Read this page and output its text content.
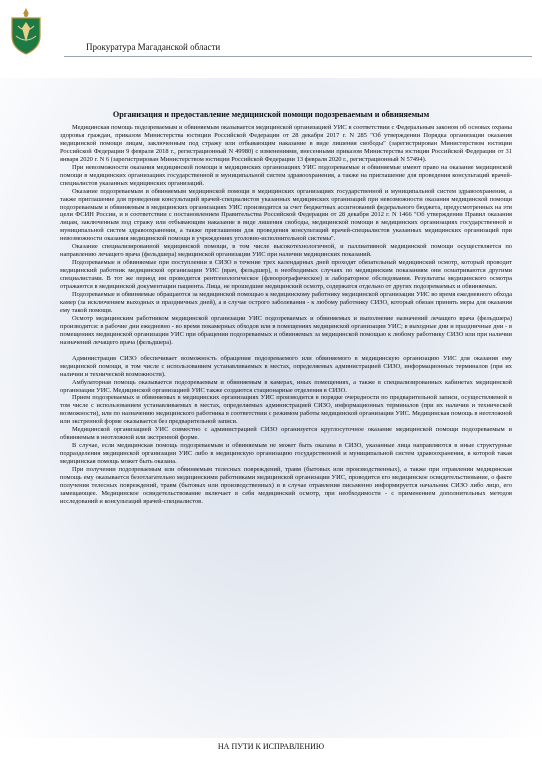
Прокуратура Магаданской области
Организация и предоставление медицинской помощи подозреваемым и обвиняемым

Медицинская помощь подозреваемым и обвиняемым оказывается медицинской организацией УИС в соответствии с Федеральным законом об основах охраны здоровья граждан, приказом Министерства юстиции Российской Федерации от 28 декабря 2017 г. N 285 "Об утверждении Порядка организации оказания медицинской помощи лицам, заключенным под стражу или отбывающим наказание в виде лишения свободы" (зарегистрирован Министерством юстиции Российской Федерации 9 февраля 2018 г., регистрационный N 49980) с изменениями, внесенными приказом Министерства юстиции Российской Федерации от 31 января 2020 г. N 6 (зарегистрирован Министерством юстиции Российской Федерации 13 февраля 2020 г., регистрационный N 57494).

При невозможности оказания медицинской помощи в медицинских организациях УИС подозреваемые и обвиняемые имеют право на оказание медицинской помощи в медицинских организациях государственной и муниципальной систем здравоохранения, а также на приглашение для проведения консультаций врачей-специалистов указанных медицинских организаций.

Оказание подозреваемым и обвиняемым медицинской помощи в медицинских организациях государственной и муниципальной систем здравоохранения, а также приглашение для проведения консультаций врачей-специалистов указанных медицинских организаций при невозможности оказания медицинской помощи подозреваемым и обвиняемым в медицинских организациях УИС производится за счет бюджетных ассигнований федерального бюджета, предусмотренных на эти цели ФСИН России, и в соответствии с постановлением Правительства Российской Федерации от 28 декабря 2012 г. N 1466 "Об утверждении Правил оказания лицам, заключенным под стражу или отбывающим наказание в виде лишения свободы, медицинской помощи в медицинских организациях государственной и муниципальной систем здравоохранения, а также приглашения для проведения консультаций врачей-специалистов указанных медицинских организаций при невозможности оказания медицинской помощи в учреждениях уголовно-исполнительной системы".

Оказание специализированной медицинской помощи, в том числе высокотехнологичной, и паллиативной медицинской помощи осуществляется по направлению лечащего врача (фельдшера) медицинской организации УИС при наличии медицинских показаний.

Подозреваемые и обвиняемые при поступлении в СИЗО в течение трех календарных дней проходят обязательный медицинский осмотр, который проводит медицинский работник медицинской организации УИС (врач, фельдшер), в необходимых случаях по медицинским показаниям они осматриваются другими специалистами. В тот же период им проводится рентгенологическое (флюорографическое) и лабораторное обследования. Результаты медицинского осмотра отражаются в медицинской документации пациента. Лица, не прошедшие медицинский осмотр, содержатся отдельно от других подозреваемых и обвиняемых.

Подозреваемые и обвиняемые обращаются за медицинской помощью к медицинскому работнику медицинской организации УИС во время ежедневного обхода камер (за исключением выходных и праздничных дней), а в случае острого заболевания - к любому работнику СИЗО, который обязан принять меры для оказания ему такой помощи.

Осмотр медицинским работником медицинской организации УИС подозреваемых и обвиняемых и выполнение назначений лечащего врача (фельдшера) производятся: в рабочие дни ежедневно - во время покамерных обходов или в помещениях медицинской организации УИС; в выходные дни и праздничные дни - в помещениях медицинской организации УИС при обращении подозреваемых и обвиняемых за медицинской помощью к любому работнику СИЗО или при наличии назначений лечащего врача (фельдшера).

Администрация СИЗО обеспечивает возможность обращения подозреваемого или обвиняемого в медицинскую организацию УИС для оказания ему медицинской помощи, в том числе с использованием устанавливаемых в местах, определяемых администрацией СИЗО, информационных терминалов (при их наличии и технической возможности).

Амбулаторная помощь оказывается подозреваемым и обвиняемым в камерах, иных помещениях, а также в специализированных кабинетах медицинской организации УИС. Медицинской организацией УИС также создаются стационарные отделения в СИЗО.

Прием подозреваемых и обвиняемых в медицинских организациях УИС производится в порядке очередности по предварительной записи, осуществляемой в том числе с использованием устанавливаемых в местах, определяемых администрацией СИЗО, информационных терминалов (при их наличии и технической возможности), или по назначению медицинского работника в соответствии с режимом работы медицинской организации УИС. Медицинская помощь в неотложной или экстренной форме оказывается без предварительной записи.

Медицинской организацией УИС совместно с администрацией СИЗО организуется круглосуточное оказание медицинской помощи подозреваемым и обвиняемым в неотложной или экстренной форме.

В случае, если медицинская помощь подозреваемым и обвиняемым не может быть оказана в СИЗО, указанные лица направляются в иные структурные подразделения медицинской организации УИС либо в медицинскую организацию государственной и муниципальной систем здравоохранения, в которой такая медицинская помощь может быть оказана.

При получении подозреваемым или обвиняемым телесных повреждений, травм (бытовых или производственных), а также при отравлении медицинская помощь ему оказывается безотлагательно медицинскими работниками медицинской организации УИС, проводится его медицинское освидетельствование, о факте получения телесных повреждений, травм (бытовых или производственных) и в случае отравления письменно информируется начальник СИЗО либо лицо, его замещающее. Медицинское освидетельствование включает в себя медицинский осмотр, при необходимости - с применением дополнительных методов исследований и консультаций врачей-специалистов.

НА ПУТИ К ИСПРАВЛЕНИЮ
